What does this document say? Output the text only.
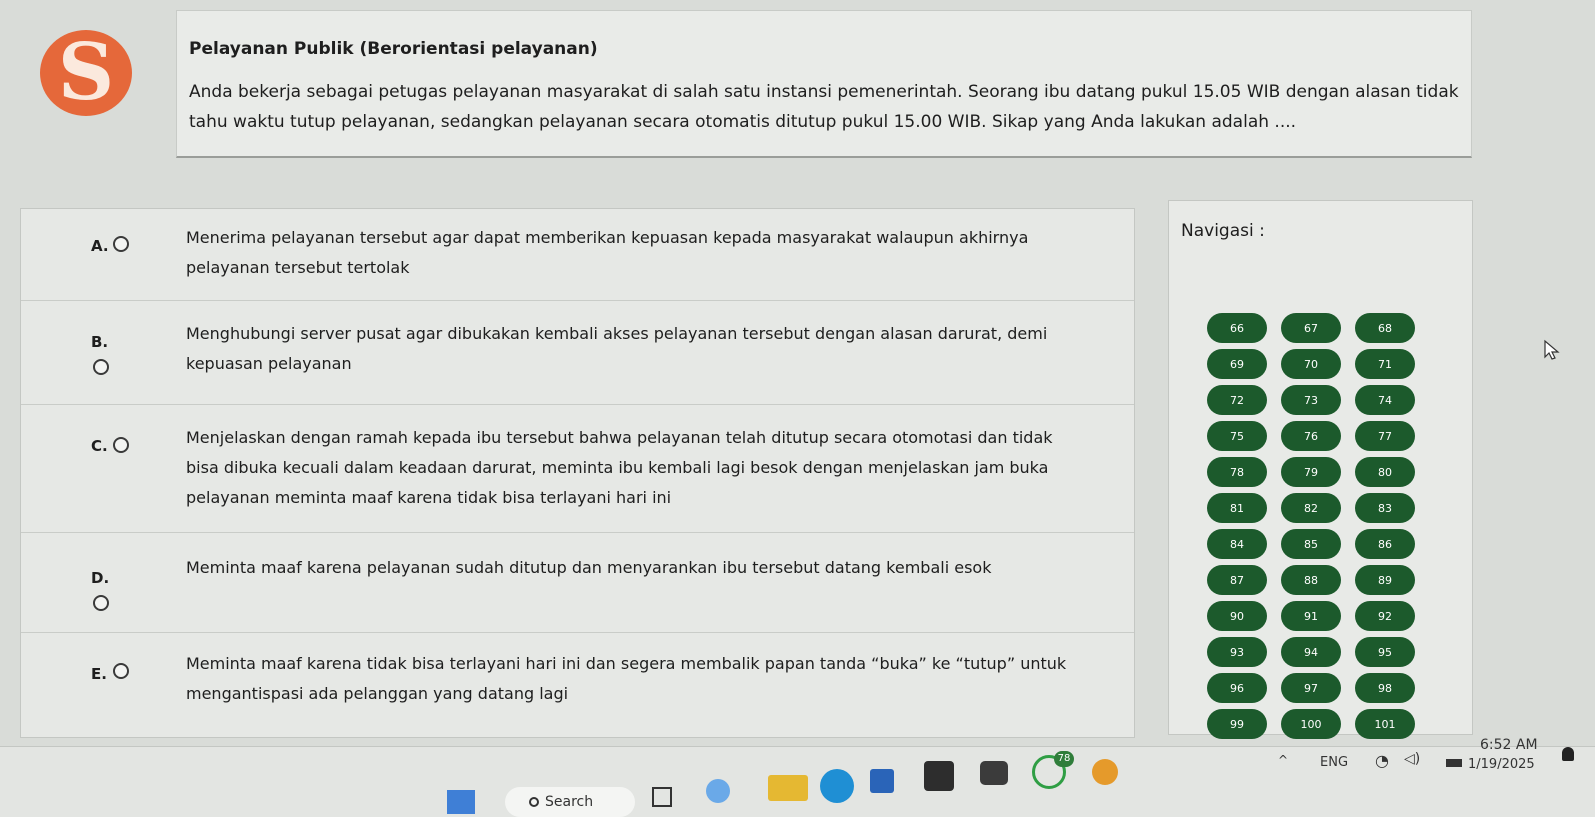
S	Pelayanan Publik (Berorientasi pelayanan)
Anda bekerja sebagai petugas pelayanan masyarakat di salah satu instansi pemenerintah. Seorang ibu datang pukul 15.05 WIB dengan alasan tidak tahu waktu tutup pelayanan, sedangkan pelayanan secara otomatis ditutup pukul 15.00 WIB. Sikap yang Anda lakukan adalah ....
A.	Menerima pelayanan tersebut agar dapat memberikan kepuasan kepada masyarakat walaupun akhirnya pelayanan tersebut tertolak
B.	Menghubungi server pusat agar dibukakan kembali akses pelayanan tersebut dengan alasan darurat, demi kepuasan pelayanan
C.	Menjelaskan dengan ramah kepada ibu tersebut bahwa pelayanan telah ditutup secara otomotasi dan tidak bisa dibuka kecuali dalam keadaan darurat, meminta ibu kembali lagi besok dengan menjelaskan jam buka pelayanan meminta maaf karena tidak bisa terlayani hari ini
D.
Meminta maaf karena pelayanan sudah ditutup dan menyarankan ibu tersebut datang kembali esok
E.
Meminta maaf karena tidak bisa terlayani hari ini dan segera membalik papan tanda “buka” ke “tutup” untuk mengantispasi ada pelanggan yang datang lagi
Navigasi :
66	67	68
69	70	71
72	73	74
75	76	77
78	79	80
81	82	83
84	85	86
87	88	89
90	91	92
93	94	95
96	97	98
99	100	101
Search
78	^ ENG ◔ ◁)
6:52 AM
1/19/2025
